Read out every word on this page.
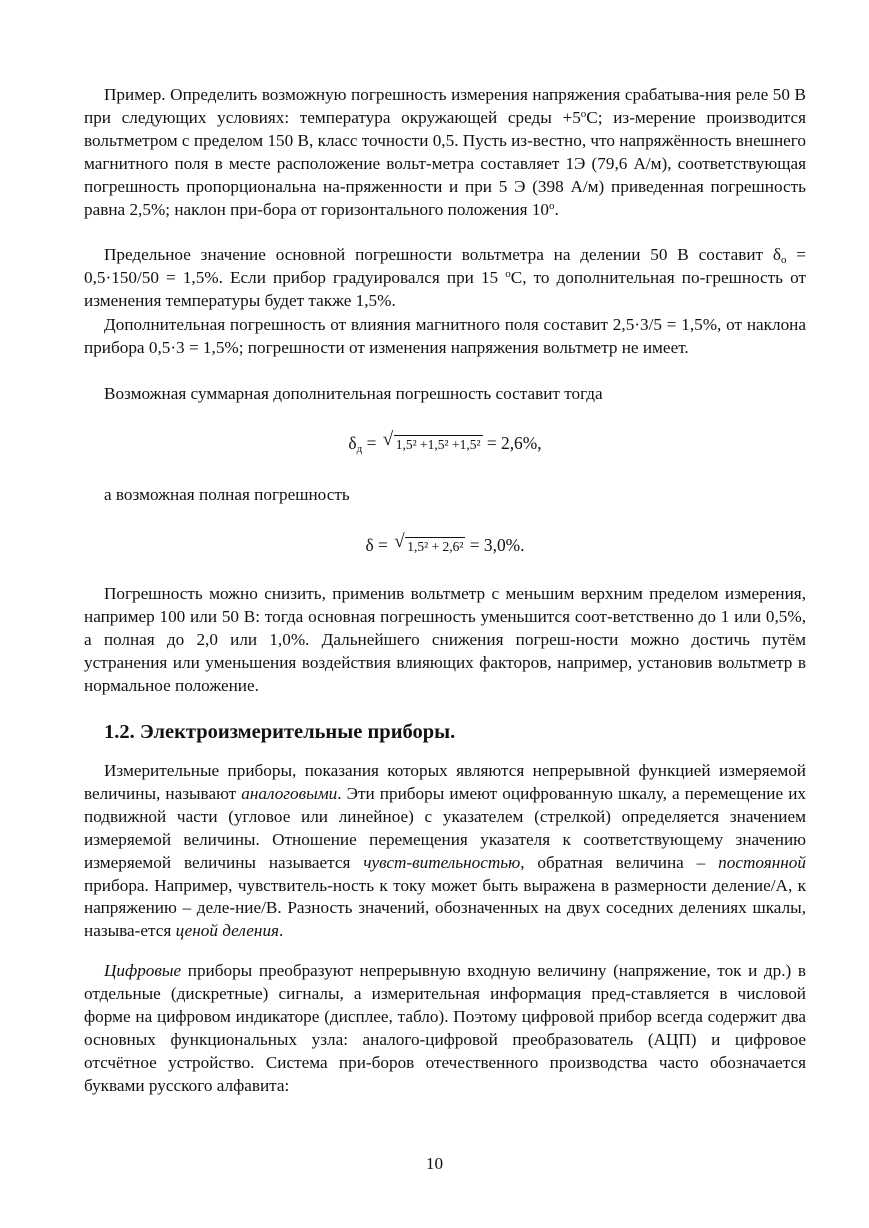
Пример. Определить возможную погрешность измерения напряжения срабатыва-ния реле 50 В при следующих условиях: температура окружающей среды $+5^oС$; из-мерение производится вольтметром с пределом 150 В, класс точности 0,5. Пусть из-вестно, что напряжённость внешнего магнитного поля в месте расположение вольт-метра составляет 1Э (79,6 А/м), соответствующая погрешность пропорциональна на-пряженности и при 5 Э (398 А/м) приведенная погрешность равна 2,5%; наклон при-бора от горизонтального положения 10$^o$.

Предельное значение основной погрешности вольтметра на делении 50 В составит $\delta_о = 0,5\cdot 150/50 = 1,5\%$. Если прибор градуировался при 15 $^о$С, то дополнительная по-грешность от изменения температуры будет также 1,5%.

Дополнительная погрешность от влияния магнитного поля составит 2,5·3/5 = 1,5%, от наклона прибора 0,5·3 = 1,5%; погрешности от изменения напряжения вольтметр не имеет.

Возможная суммарная дополнительная погрешность составит тогда

$\delta_д$ = √ 1,5² +1,5² +1,5² = 2,6%,

а возможная полная погрешность

δ = √ 1,5² + 2,6² = 3,0%.

Погрешность можно снизить, применив вольтметр с меньшим верхним пределом измерения, например 100 или 50 В: тогда основная погрешность уменьшится соот-ветственно до 1 или 0,5%, а полная до 2,0 или 1,0%. Дальнейшего снижения погреш-ности можно достичь путём устранения или уменьшения воздействия влияющих факторов, например, установив вольтметр в нормальное положение.

1.2. Электроизмерительные приборы.

Измерительные приборы, показания которых являются непрерывной функцией измеряемой величины, называют аналоговыми. Эти приборы имеют оцифрованную шкалу, а перемещение их подвижной части (угловое или линейное) с указателем (стрелкой) определяется значением измеряемой величины. Отношение перемещения указателя к соответствующему значению измеряемой величины называется чувст-вительностью, обратная величина – постоянной прибора. Например, чувствитель-ность к току может быть выражена в размерности деление/А, к напряжению – деле-ние/В. Разность значений, обозначенных на двух соседних делениях шкалы, называ-ется ценой деления.

Цифровые приборы преобразуют непрерывную входную величину (напряжение, ток и др.) в отдельные (дискретные) сигналы, а измерительная информация пред-ставляется в числовой форме на цифровом индикаторе (дисплее, табло). Поэтому цифровой прибор всегда содержит два основных функциональных узла: аналого-цифровой преобразователь (АЦП) и цифровое отсчётное устройство. Система при-боров отечественного производства часто обозначается буквами русского алфавита:

10
